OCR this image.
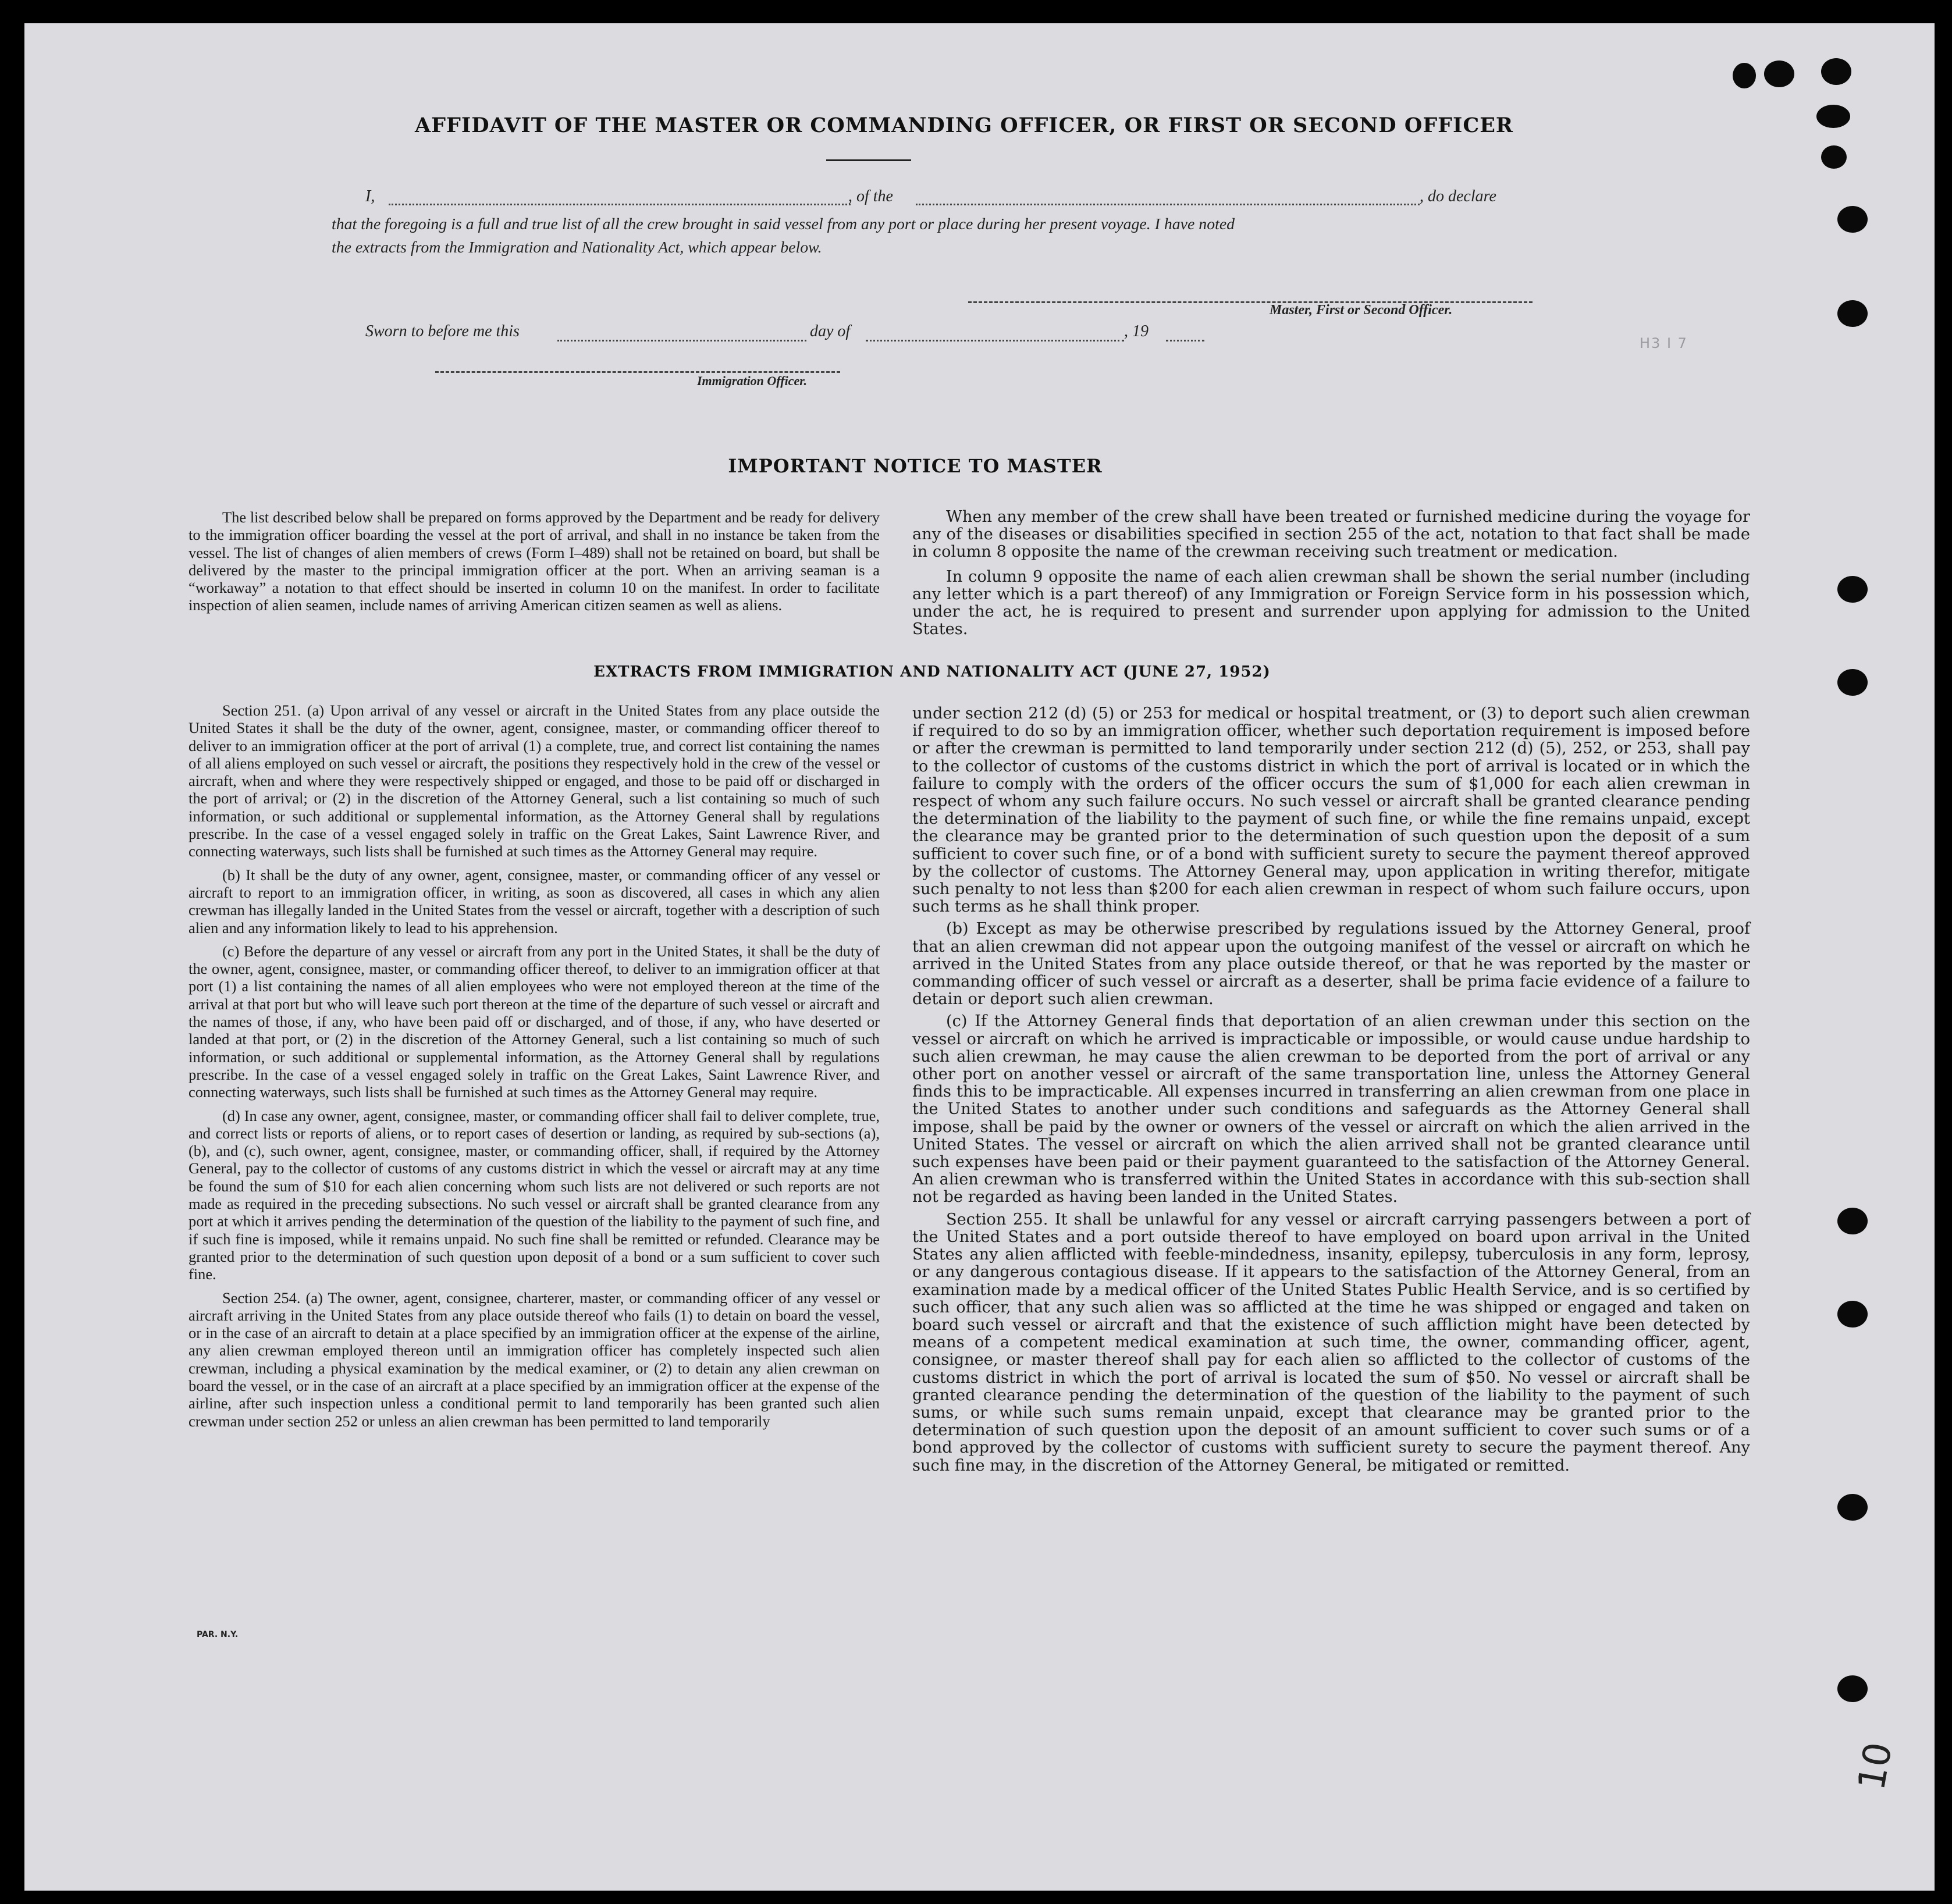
AFFIDAVIT OF THE MASTER OR COMMANDING OFFICER, OR FIRST OR SECOND OFFICER
I,	, of the	, do declare
that the foregoing is a full and true list of all the crew brought in said vessel from any port or place during her present voyage. I have noted
the extracts from the Immigration and Nationality Act, which appear below.
Master, First or Second Officer.
Sworn to before me this	day of	, 19
Immigration Officer.
H3 I 7
IMPORTANT NOTICE TO MASTER

The list described below shall be prepared on forms approved by the Department and be ready for delivery to the immigration officer boarding the vessel at the port of arrival, and shall in no instance be taken from the vessel. The list of changes of alien members of crews (Form I–489) shall not be retained on board, but shall be delivered by the master to the principal immigration officer at the port. When an arriving seaman is a “workaway” a notation to that effect should be inserted in column 10 on the manifest. In order to facilitate inspection of alien seamen, include names of arriving American citizen seamen as well as aliens.

When any member of the crew shall have been treated or furnished medicine during the voyage for any of the diseases or disabilities specified in section 255 of the act, notation to that fact shall be made in column 8 opposite the name of the crewman receiving such treatment or medication.

In column 9 opposite the name of each alien crewman shall be shown the serial number (including any letter which is a part thereof) of any Immigration or Foreign Service form in his possession which, under the act, he is required to present and surrender upon applying for admission to the United States.

EXTRACTS FROM IMMIGRATION AND NATIONALITY ACT (JUNE 27, 1952)

Section 251. (a) Upon arrival of any vessel or aircraft in the United States from any place outside the United States it shall be the duty of the owner, agent, consignee, master, or commanding officer thereof to deliver to an immigration officer at the port of arrival (1) a complete, true, and correct list containing the names of all aliens employed on such vessel or aircraft, the positions they respectively hold in the crew of the vessel or aircraft, when and where they were respectively shipped or engaged, and those to be paid off or discharged in the port of arrival; or (2) in the discretion of the Attorney General, such a list containing so much of such information, or such additional or supplemental information, as the Attorney General shall by regulations prescribe. In the case of a vessel engaged solely in traffic on the Great Lakes, Saint Lawrence River, and connecting waterways, such lists shall be furnished at such times as the Attorney General may require.

(b) It shall be the duty of any owner, agent, consignee, master, or commanding officer of any vessel or aircraft to report to an immigration officer, in writing, as soon as discovered, all cases in which any alien crewman has illegally landed in the United States from the vessel or aircraft, together with a description of such alien and any information likely to lead to his apprehension.

(c) Before the departure of any vessel or aircraft from any port in the United States, it shall be the duty of the owner, agent, consignee, master, or commanding officer thereof, to deliver to an immigration officer at that port (1) a list containing the names of all alien employees who were not employed thereon at the time of the arrival at that port but who will leave such port thereon at the time of the departure of such vessel or aircraft and the names of those, if any, who have been paid off or discharged, and of those, if any, who have deserted or landed at that port, or (2) in the discretion of the Attorney General, such a list containing so much of such information, or such additional or supplemental information, as the Attorney General shall by regulations prescribe. In the case of a vessel engaged solely in traffic on the Great Lakes, Saint Lawrence River, and connecting waterways, such lists shall be furnished at such times as the Attorney General may require.

(d) In case any owner, agent, consignee, master, or commanding officer shall fail to deliver complete, true, and correct lists or reports of aliens, or to report cases of desertion or landing, as required by sub-sections (a), (b), and (c), such owner, agent, consignee, master, or commanding officer, shall, if required by the Attorney General, pay to the collector of customs of any customs district in which the vessel or aircraft may at any time be found the sum of $10 for each alien concerning whom such lists are not delivered or such reports are not made as required in the preceding subsections. No such vessel or aircraft shall be granted clearance from any port at which it arrives pending the determination of the question of the liability to the payment of such fine, and if such fine is imposed, while it remains unpaid. No such fine shall be remitted or refunded. Clearance may be granted prior to the determination of such question upon deposit of a bond or a sum sufficient to cover such fine.

Section 254. (a) The owner, agent, consignee, charterer, master, or commanding officer of any vessel or aircraft arriving in the United States from any place outside thereof who fails (1) to detain on board the vessel, or in the case of an aircraft to detain at a place specified by an immigration officer at the expense of the airline, any alien crewman employed thereon until an immigration officer has completely inspected such alien crewman, including a physical examination by the medical examiner, or (2) to detain any alien crewman on board the vessel, or in the case of an aircraft at a place specified by an immigration officer at the expense of the airline, after such inspection unless a conditional permit to land temporarily has been granted such alien crewman under section 252 or unless an alien crewman has been permitted to land temporarily

under section 212 (d) (5) or 253 for medical or hospital treatment, or (3) to deport such alien crewman if required to do so by an immigration officer, whether such deportation requirement is imposed before or after the crewman is permitted to land temporarily under section 212 (d) (5), 252, or 253, shall pay to the collector of customs of the customs district in which the port of arrival is located or in which the failure to comply with the orders of the officer occurs the sum of $1,000 for each alien crewman in respect of whom any such failure occurs. No such vessel or aircraft shall be granted clearance pending the determination of the liability to the payment of such fine, or while the fine remains unpaid, except the clearance may be granted prior to the determination of such question upon the deposit of a sum sufficient to cover such fine, or of a bond with sufficient surety to secure the payment thereof approved by the collector of customs. The Attorney General may, upon application in writing therefor, mitigate such penalty to not less than $200 for each alien crewman in respect of whom such failure occurs, upon such terms as he shall think proper.

(b) Except as may be otherwise prescribed by regulations issued by the Attorney General, proof that an alien crewman did not appear upon the outgoing manifest of the vessel or aircraft on which he arrived in the United States from any place outside thereof, or that he was reported by the master or commanding officer of such vessel or aircraft as a deserter, shall be prima facie evidence of a failure to detain or deport such alien crewman.

(c) If the Attorney General finds that deportation of an alien crewman under this section on the vessel or aircraft on which he arrived is impracticable or impossible, or would cause undue hardship to such alien crewman, he may cause the alien crewman to be deported from the port of arrival or any other port on another vessel or aircraft of the same transportation line, unless the Attorney General finds this to be impracticable. All expenses incurred in transferring an alien crewman from one place in the United States to another under such conditions and safeguards as the Attorney General shall impose, shall be paid by the owner or owners of the vessel or aircraft on which the alien arrived in the United States. The vessel or aircraft on which the alien arrived shall not be granted clearance until such expenses have been paid or their payment guaranteed to the satisfaction of the Attorney General. An alien crewman who is transferred within the United States in accordance with this sub-section shall not be regarded as having been landed in the United States.

Section 255. It shall be unlawful for any vessel or aircraft carrying passengers between a port of the United States and a port outside thereof to have employed on board upon arrival in the United States any alien afflicted with feeble-mindedness, insanity, epilepsy, tuberculosis in any form, leprosy, or any dangerous contagious disease. If it appears to the satisfaction of the Attorney General, from an examination made by a medical officer of the United States Public Health Service, and is so certified by such officer, that any such alien was so afflicted at the time he was shipped or engaged and taken on board such vessel or aircraft and that the existence of such affliction might have been detected by means of a competent medical examination at such time, the owner, commanding officer, agent, consignee, or master thereof shall pay for each alien so afflicted to the collector of customs of the customs district in which the port of arrival is located the sum of $50. No vessel or aircraft shall be granted clearance pending the determination of the question of the liability to the payment of such sums, or while such sums remain unpaid, except that clearance may be granted prior to the determination of such question upon the deposit of an amount sufficient to cover such sums or of a bond approved by the collector of customs with sufficient surety to secure the payment thereof. Any such fine may, in the discretion of the Attorney General, be mitigated or remitted.

PAR. N.Y.
10
